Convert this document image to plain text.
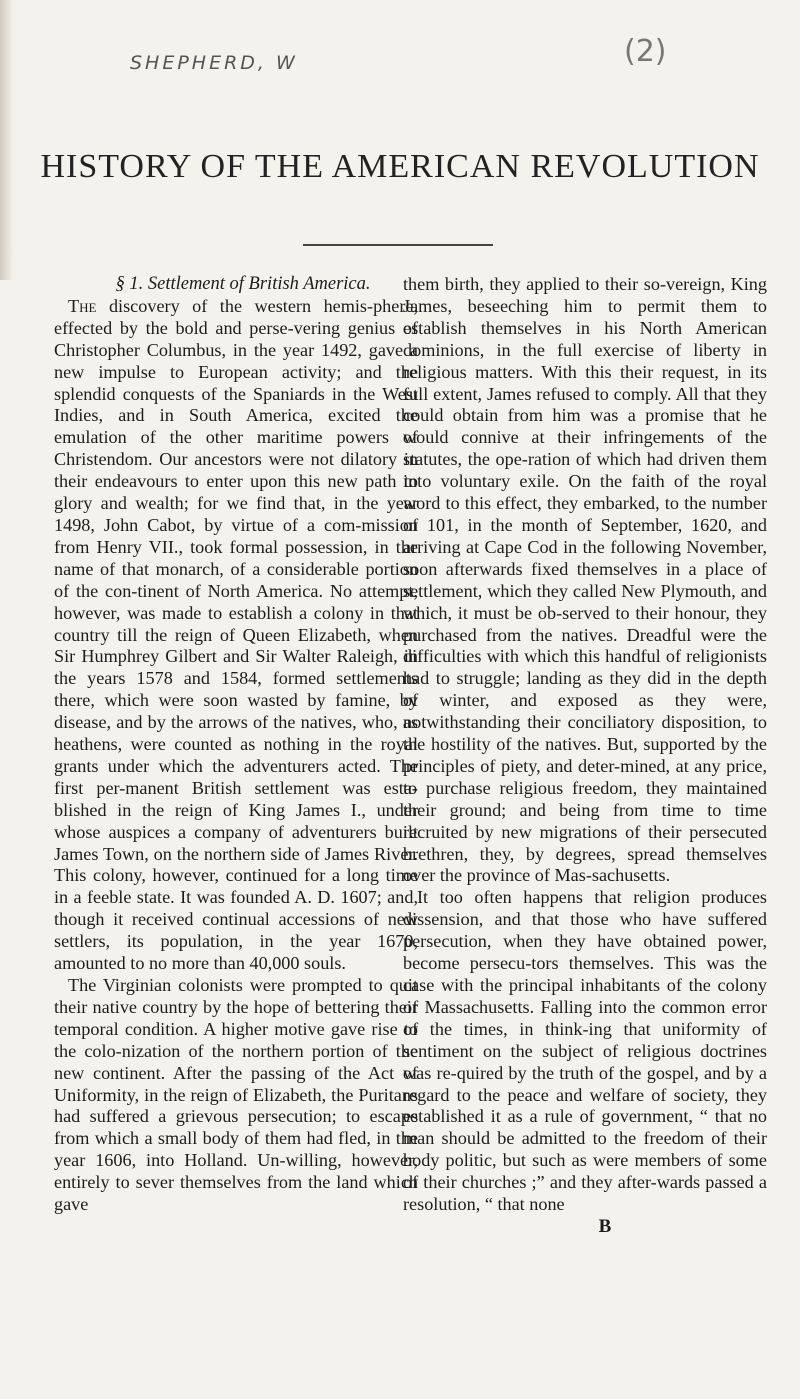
SHEPHERD, W	(2)
HISTORY OF THE AMERICAN REVOLUTION

§ 1. Settlement of British America.

The discovery of the western hemis-phere, effected by the bold and perse-vering genius of Christopher Columbus, in the year 1492, gave a new impulse to European activity; and the splendid conquests of the Spaniards in the West Indies, and in South America, excited the emulation of the other maritime powers of Christendom. Our ancestors were not dilatory in their endeavours to enter upon this new path to glory and wealth; for we find that, in the year 1498, John Cabot, by virtue of a com-mission from Henry VII., took formal possession, in the name of that monarch, of a considerable portion of the con-tinent of North America. No attempt, however, was made to establish a colony in that country till the reign of Queen Elizabeth, when Sir Humphrey Gilbert and Sir Walter Raleigh, in the years 1578 and 1584, formed settlements there, which were soon wasted by famine, by disease, and by the arrows of the natives, who, as heathens, were counted as nothing in the royal grants under which the adventurers acted. The first per-manent British settlement was esta-blished in the reign of King James I., under whose auspices a company of adventurers built James Town, on the northern side of James River. This colony, however, continued for a long time in a feeble state. It was founded A. D. 1607; and, though it received continual accessions of new settlers, its population, in the year 1670, amounted to no more than 40,000 souls.

The Virginian colonists were prompted to quit their native country by the hope of bettering their temporal condition. A higher motive gave rise to the colo-nization of the northern portion of the new continent. After the passing of the Act of Uniformity, in the reign of Elizabeth, the Puritans had suffered a grievous persecution; to escape from which a small body of them had fled, in the year 1606, into Holland. Un-willing, however, entirely to sever themselves from the land which gave

them birth, they applied to their so-vereign, King James, beseeching him to permit them to establish themselves in his North American dominions, in the full exercise of liberty in religious matters. With this their request, in its full extent, James refused to comply. All that they could obtain from him was a promise that he would connive at their infringements of the statutes, the ope-ration of which had driven them into voluntary exile. On the faith of the royal word to this effect, they embarked, to the number of 101, in the month of September, 1620, and arriving at Cape Cod in the following November, soon afterwards fixed themselves in a place of settlement, which they called New Plymouth, and which, it must be ob-served to their honour, they purchased from the natives. Dreadful were the difficulties with which this handful of religionists had to struggle; landing as they did in the depth of winter, and exposed as they were, notwithstanding their conciliatory disposition, to the hostility of the natives. But, supported by the principles of piety, and deter-mined, at any price, to purchase religious freedom, they maintained their ground; and being from time to time recruited by new migrations of their persecuted brethren, they, by degrees, spread themselves over the province of Mas-sachusetts.

It too often happens that religion produces dissension, and that those who have suffered persecution, when they have obtained power, become persecu-tors themselves. This was the case with the principal inhabitants of the colony of Massachusetts. Falling into the common error of the times, in think-ing that uniformity of sentiment on the subject of religious doctrines was re-quired by the truth of the gospel, and by a regard to the peace and welfare of society, they established it as a rule of government, “ that no man should be admitted to the freedom of their body politic, but such as were members of some of their churches ;” and they after-wards passed a resolution, “ that none

B
